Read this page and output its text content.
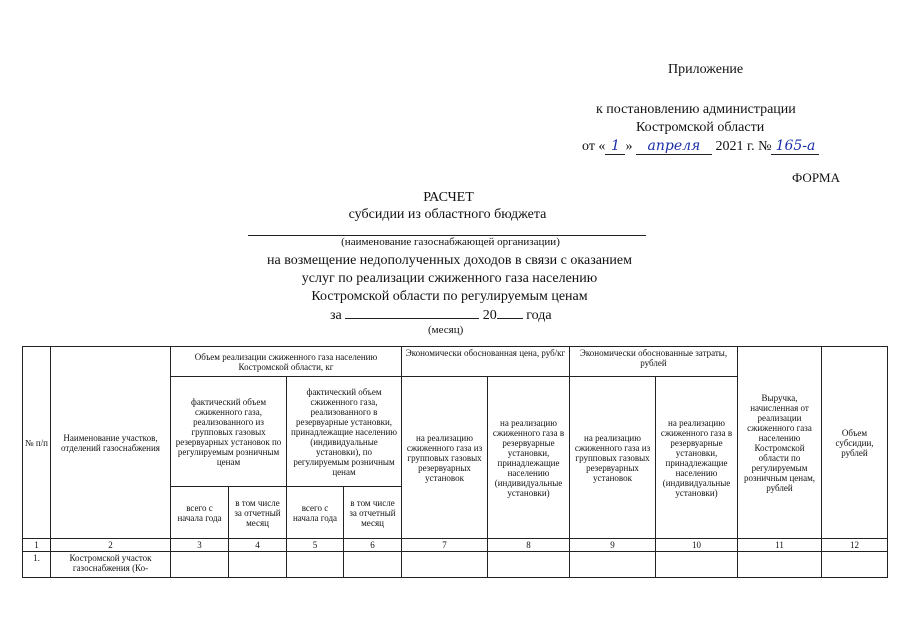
Приложение
к постановлению администрации
Костромской области
от « 1 » апреля 2021 г. № 165-а
ФОРМА
РАСЧЕТ
субсидии из областного бюджета
(наименование газоснабжающей организации)
на возмещение недополученных доходов в связи с оказанием
услуг по реализации сжиженного газа населению
Костромской области по регулируемым ценам
за	20 года
(месяц)
№ п/п	Наименование участков, отделений газоснабжения	Объем реализации сжиженного газа населению Костромской области, кг				Экономически обоснованная цена, руб/кг		Экономически обоснованные затраты, рублей		Выручка, начисленная от реализации сжиженного газа населению Костромской области по регулируемым розничным ценам, рублей	Объем субсидии, рублей
		фактический объем сжиженного газа, реализованного из групповых газовых резервуарных установок по регулируемым розничным ценам		фактический объем сжиженного газа, реализованного в резервуарные установки, принадлежащие населению (индивидуальные установки), по регулируемым розничным ценам		на реализацию сжиженного газа из групповых газовых резервуарных установок	на реализацию сжиженного газа в резервуарные установки, принадлежащие населению (индивидуальные установки)	на реализацию сжиженного газа из групповых газовых резервуарных установок	на реализацию сжиженного газа в резервуарные установки, принадлежащие населению (индивидуальные установки)		
		всего с начала года	в том числе за отчетный месяц	всего с начала года	в том числе за отчетный месяц						
1	2	3	4	5	6	7	8	9	10	11	12
1.	Костромской участок газоснабжения (Ко-										
